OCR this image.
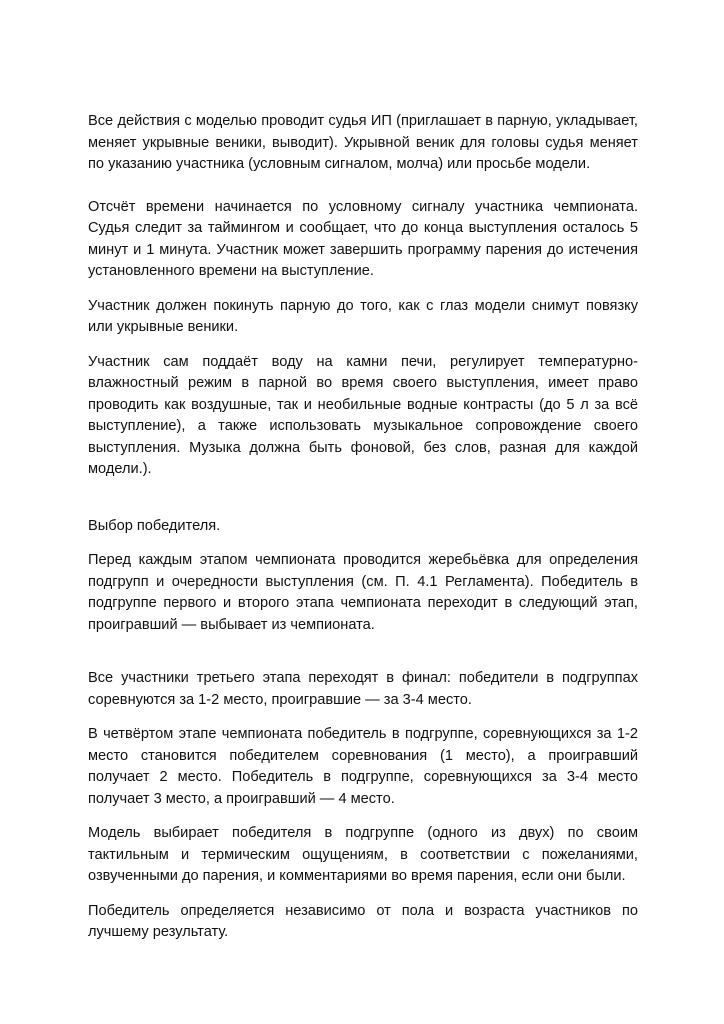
Все действия с моделью проводит судья ИП (приглашает в парную, укладывает, меняет укрывные веники, выводит). Укрывной веник для головы судья меняет по указанию участника (условным сигналом, молча) или просьбе модели.

Отсчёт времени начинается по условному сигналу участника чемпионата. Судья следит за таймингом и сообщает, что до конца выступления осталось 5 минут и 1 минута. Участник может завершить программу парения до истечения установленного времени на выступление.

Участник должен покинуть парную до того, как с глаз модели снимут повязку или укрывные веники.

Участник сам поддаёт воду на камни печи, регулирует температурно-влажностный режим в парной во время своего выступления, имеет право проводить как воздушные, так и необильные водные контрасты (до 5 л за всё выступление), а также использовать музыкальное сопровождение своего выступления. Музыка должна быть фоновой, без слов, разная для каждой модели.).

Выбор победителя.

Перед каждым этапом чемпионата проводится жеребьёвка для определения подгрупп и очередности выступления (см. П. 4.1 Регламента). Победитель в подгруппе первого и второго этапа чемпионата переходит в следующий этап, проигравший — выбывает из чемпионата.

Все участники третьего этапа переходят в финал: победители в подгруппах соревнуются за 1-2 место, проигравшие — за 3-4 место.

В четвёртом этапе чемпионата победитель в подгруппе, соревнующихся за 1-2 место становится победителем соревнования (1 место), а проигравший получает 2 место. Победитель в подгруппе, соревнующихся за 3-4 место получает 3 место, а проигравший — 4 место.

Модель выбирает победителя в подгруппе (одного из двух) по своим тактильным и термическим ощущениям, в соответствии с пожеланиями, озвученными до парения, и комментариями во время парения, если они были.

Победитель определяется независимо от пола и возраста участников по лучшему результату.
